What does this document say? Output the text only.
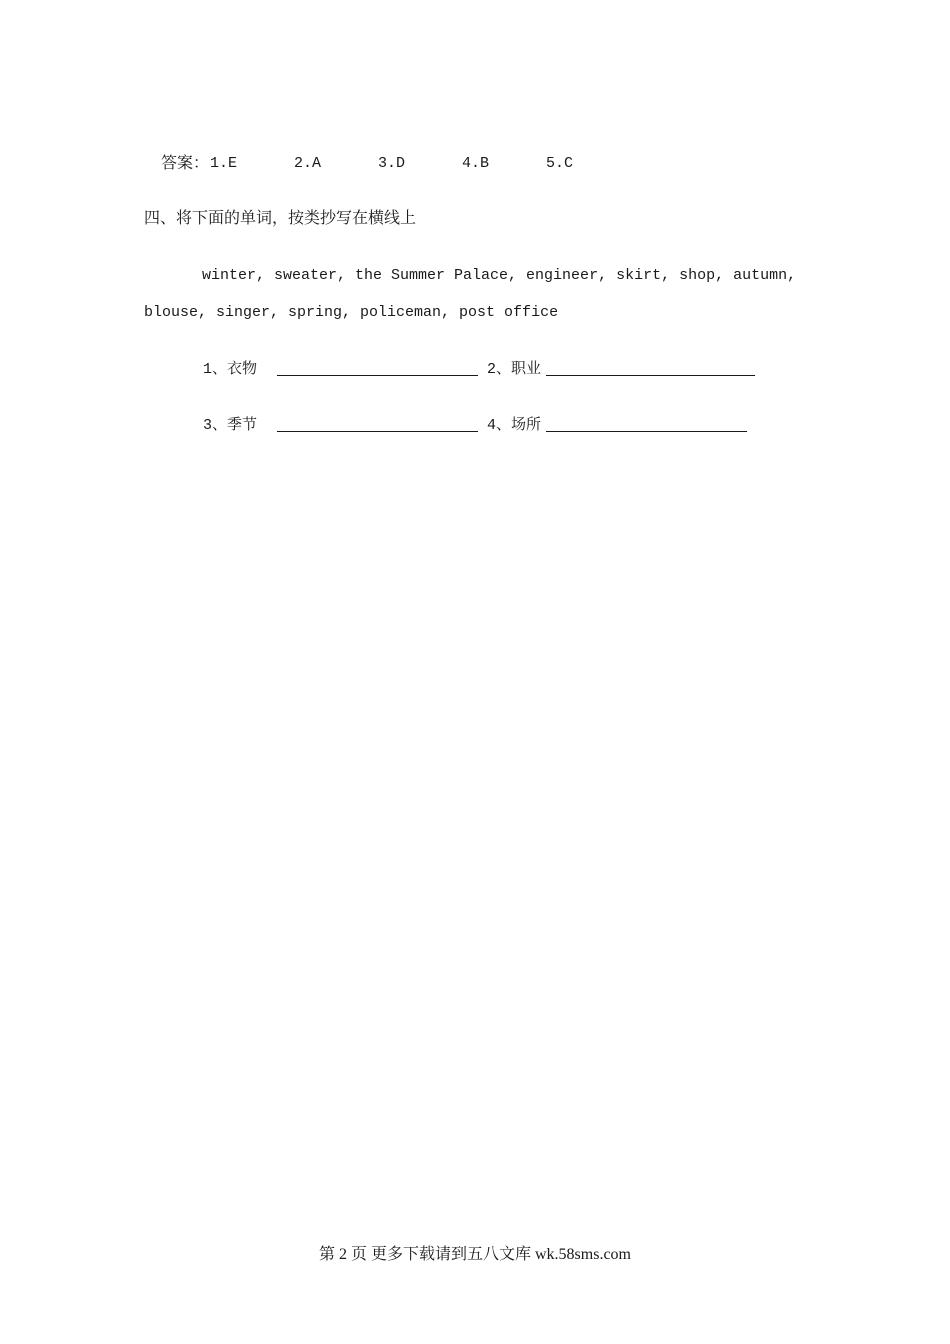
答案： 1.E	2.A	3.D	4.B	5.C
四、将下面的单词，按类抄写在横线上
winter, sweater, the Summer Palace, engineer, skirt, shop, autumn,
blouse, singer, spring, policeman, post office
1、衣物	2、职业
3、季节	4、场所
第 2 页 更多下载请到五八文库 wk.58sms.com
